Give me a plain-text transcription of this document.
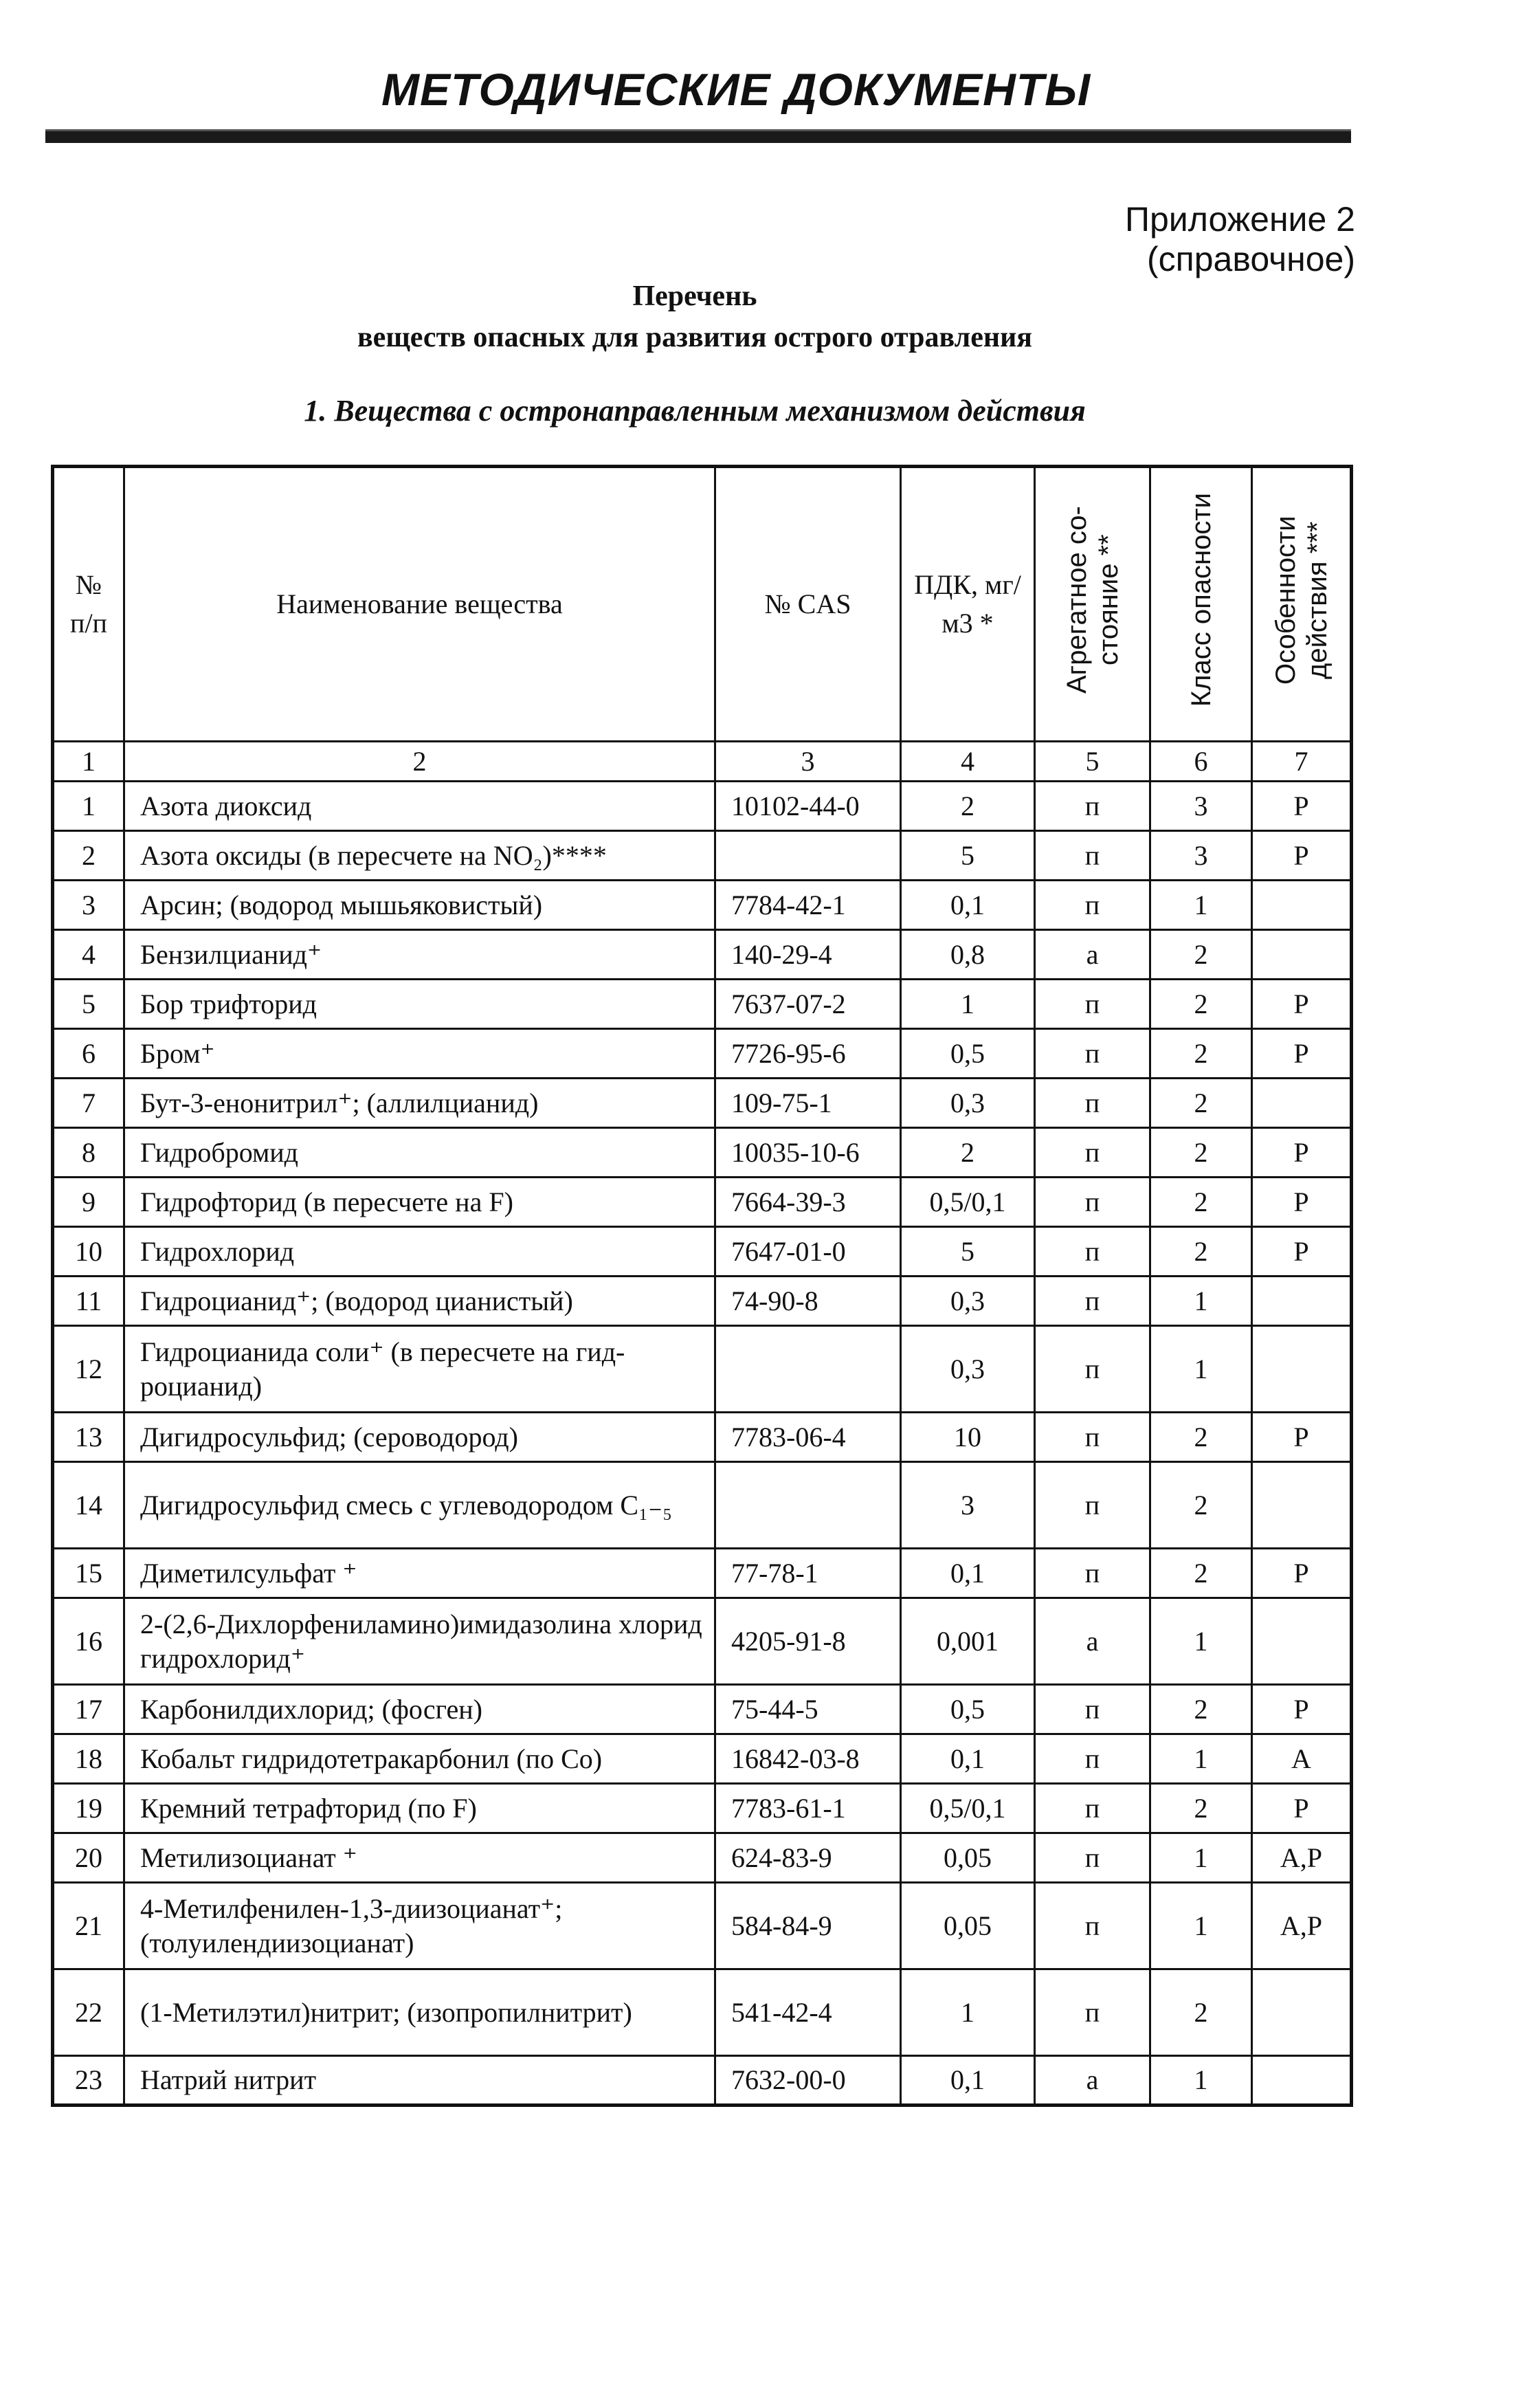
МЕТОДИЧЕСКИЕ ДОКУМЕНТЫ
Приложение 2
(справочное)
Перечень
веществ опасных для развития острого отравления
1. Вещества с остронаправленным механизмом действия
№ п/п	Наименование вещества	№ CAS	ПДК, мг/м3 *	Агрегатное со-стояние **	Класс опасности	Особенности действия ***
1	2	3	4	5	6	7
1	Азота диоксид	10102-44-0	2	п	3	Р
2	Азота оксиды (в пересчете на NO₂)****		5	п	3	Р
3	Арсин; (водород мышьяковистый)	7784-42-1	0,1	п	1	
4	Бензилцианид⁺	140-29-4	0,8	а	2	
5	Бор трифторид	7637-07-2	1	п	2	Р
6	Бром⁺	7726-95-6	0,5	п	2	Р
7	Бут-3-енонитрил⁺; (аллилцианид)	109-75-1	0,3	п	2	
8	Гидробромид	10035-10-6	2	п	2	Р
9	Гидрофторид (в пересчете на F)	7664-39-3	0,5/0,1	п	2	Р
10	Гидрохлорид	7647-01-0	5	п	2	Р
11	Гидроцианид⁺; (водород цианистый)	74-90-8	0,3	п	1	
12	Гидроцианида соли⁺ (в пересчете на гид-роцианид)		0,3	п	1	
13	Дигидросульфид; (сероводород)	7783-06-4	10	п	2	Р
14	Дигидросульфид смесь с углеводородом C₁₋₅		3	п	2	
15	Диметилсульфат ⁺	77-78-1	0,1	п	2	Р
16	2-(2,6-Дихлорфениламино)имидазолина хлорид гидрохлорид⁺	4205-91-8	0,001	а	1	
17	Карбонилдихлорид; (фосген)	75-44-5	0,5	п	2	Р
18	Кобальт гидридотетракарбонил (по Co)	16842-03-8	0,1	п	1	А
19	Кремний тетрафторид (по F)	7783-61-1	0,5/0,1	п	2	Р
20	Метилизоцианат ⁺	624-83-9	0,05	п	1	А,Р
21	4-Метилфенилен-1,3-диизоцианат⁺; (толуилендиизоцианат)	584-84-9	0,05	п	1	А,Р
22	(1-Метилэтил)нитрит; (изопропилнитрит)	541-42-4	1	п	2	
23	Натрий нитрит	7632-00-0	0,1	а	1	
